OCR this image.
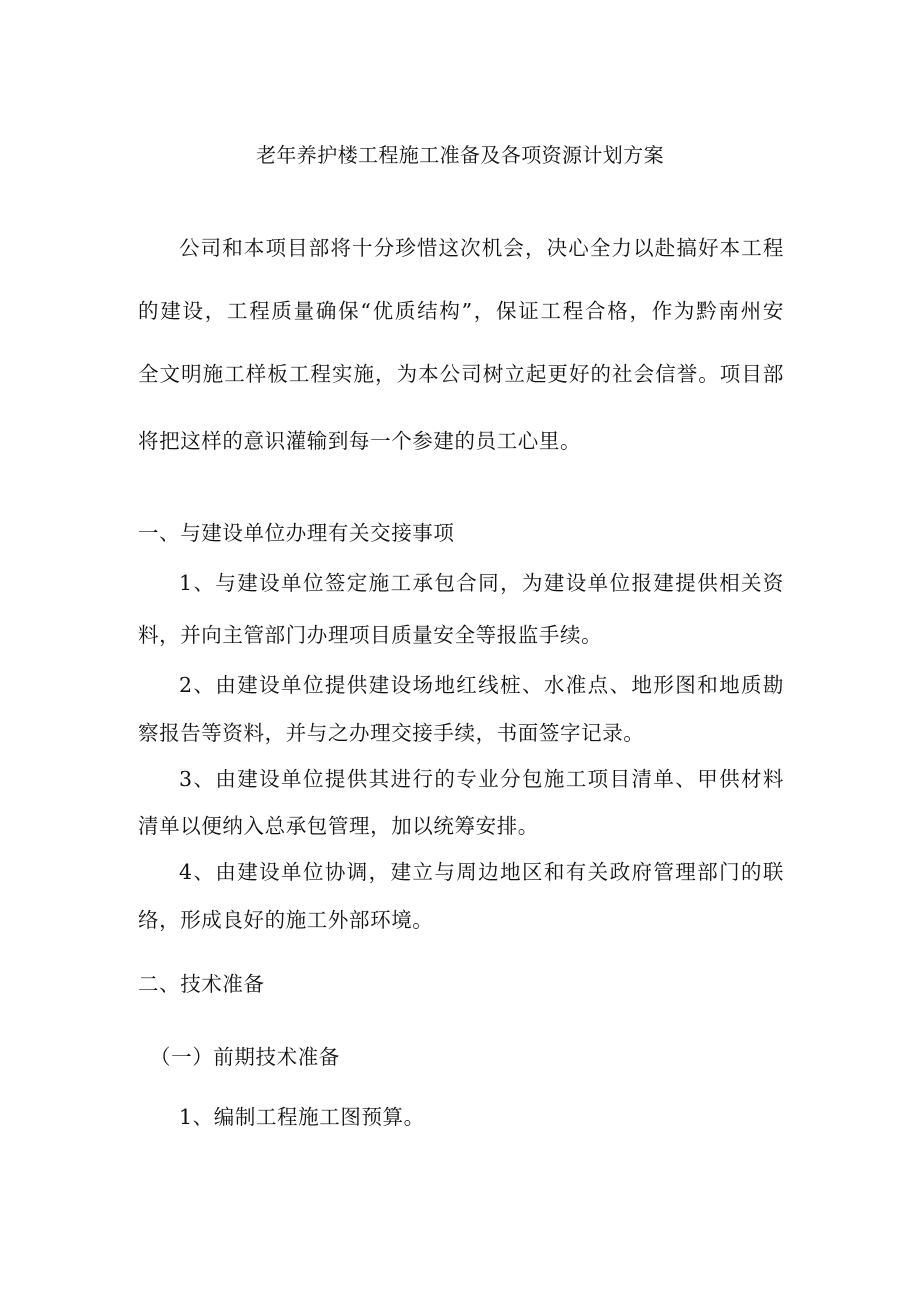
老年养护楼工程施工准备及各项资源计划方案
公司和本项目部将十分珍惜这次机会，决心全力以赴搞好本工程
的建设，工程质量确保“优质结构”，保证工程合格，作为黔南州安
全文明施工样板工程实施，为本公司树立起更好的社会信誉。项目部
将把这样的意识灌输到每一个参建的员工心里。
一、与建设单位办理有关交接事项
1、与建设单位签定施工承包合同，为建设单位报建提供相关资
料，并向主管部门办理项目质量安全等报监手续。
2、由建设单位提供建设场地红线桩、水准点、地形图和地质勘
察报告等资料，并与之办理交接手续，书面签字记录。
3、由建设单位提供其进行的专业分包施工项目清单、甲供材料
清单以便纳入总承包管理，加以统筹安排。
4、由建设单位协调，建立与周边地区和有关政府管理部门的联
络，形成良好的施工外部环境。
二、技术准备
（一）前期技术准备
1、编制工程施工图预算。
